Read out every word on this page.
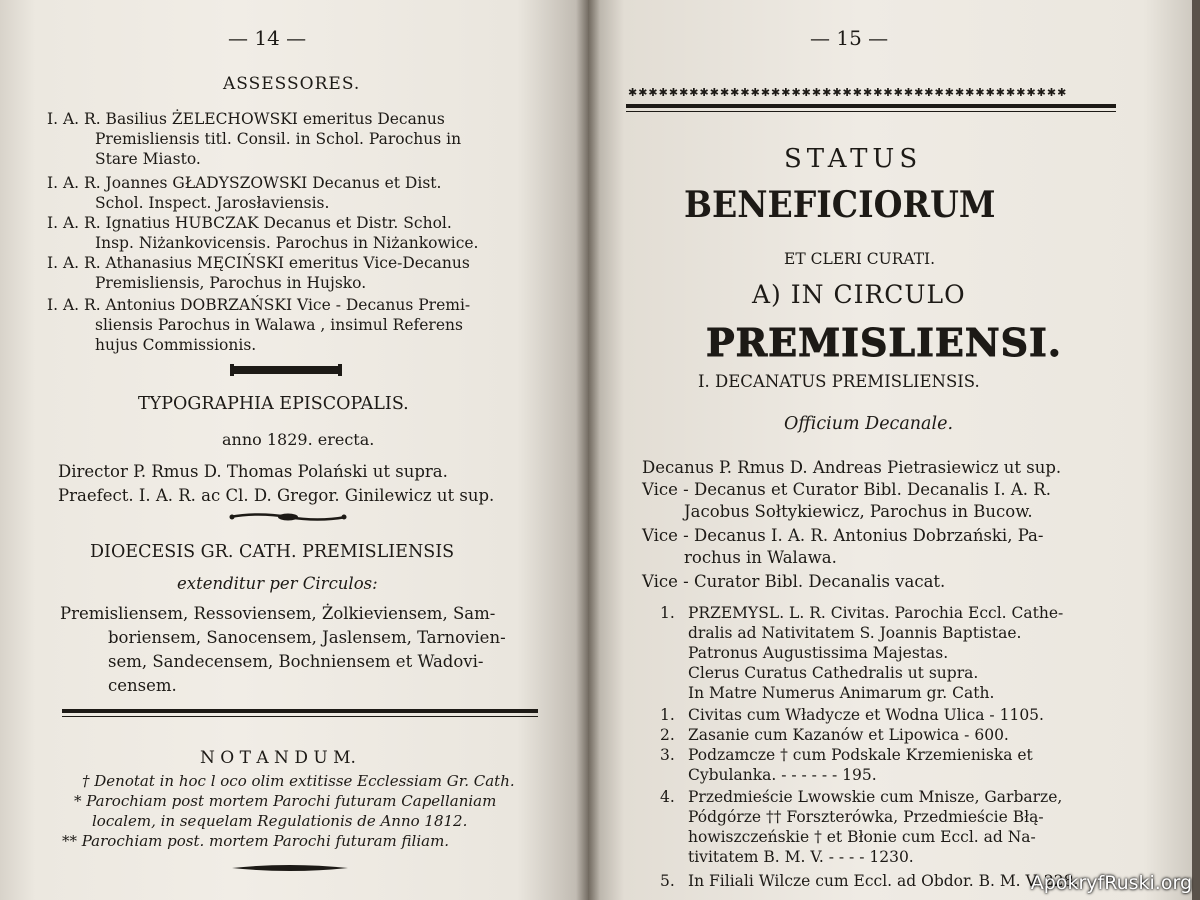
— 14 —
ASSESSORES.
I. A. R. Basilius ŻELECHOWSKI emeritus Decanus
Premisliensis titl. Consil. in Schol. Parochus in
Stare Miasto.
I. A. R. Joannes GŁADYSZOWSKI Decanus et Dist.
Schol. Inspect. Jarosłaviensis.
I. A. R. Ignatius HUBCZAK Decanus et Distr. Schol.
Insp. Niżankovicensis. Parochus in Niżankowice.
I. A. R. Athanasius MĘCIŃSKI emeritus Vice-Decanus
Premisliensis, Parochus in Hujsko.
I. A. R. Antonius DOBRZAŃSKI Vice - Decanus Premi-
sliensis Parochus in Walawa , insimul Referens
hujus Commissionis.
TYPOGRAPHIA EPISCOPALIS.
anno 1829. erecta.
Director P. Rmus D. Thomas Polański ut supra.
Praefect. I. A. R. ac Cl. D. Gregor. Ginilewicz ut sup.
DIOECESIS GR. CATH. PREMISLIENSIS
extenditur per Circulos:
Premisliensem, Ressoviensem, Żolkieviensem, Sam-
boriensem, Sanocensem, Jaslensem, Tarnovien-
sem, Sandecensem, Bochniensem et Wadovi-
censem.
N O T A N D U M.
† Denotat in hoc l oco olim extitisse Ecclessiam Gr. Cath.
* Parochiam post mortem Parochi futuram Capellaniam
localem, in sequelam Regulationis de Anno 1812.
** Parochiam post. mortem Parochi futuram filiam.
— 15 —
✱✱✱✱✱✱✱✱✱✱✱✱✱✱✱✱✱✱✱✱✱✱✱✱✱✱✱✱✱✱✱✱✱✱✱✱✱✱✱✱✱✱✱
STATUS
BENEFICIORUM
ET CLERI CURATI.
A) IN CIRCULO
PREMISLIENSI.
I. DECANATUS PREMISLIENSIS.
Officium Decanale.
Decanus P. Rmus D. Andreas Pietrasiewicz ut sup.
Vice - Decanus et Curator Bibl. Decanalis I. A. R.
Jacobus Sołtykiewicz, Parochus in Bucow.
Vice - Decanus I. A. R. Antonius Dobrzański, Pa-
rochus in Walawa.
Vice - Curator Bibl. Decanalis vacat.
1. PRZEMYSL. L. R. Civitas. Parochia Eccl. Cathe-
dralis ad Nativitatem S. Joannis Baptistae.
Patronus Augustissima Majestas.
Clerus Curatus Cathedralis ut supra.
In Matre Numerus Animarum gr. Cath.
1. Civitas cum Władycze et Wodna Ulica - 1105.
2. Zasanie cum Kazanów et Lipowica - 600.
3. Podzamcze † cum Podskale Krzemieniska et
Cybulanka. - - - - - - 195.
4. Przedmieście Lwowskie cum Mnisze, Garbarze,
Pódgórze †† Forszterówka, Przedmieście Błą-
howiszczeńskie † et Błonie cum Eccl. ad Na-
tivitatem B. M. V. - - - - 1230.
5. In Filiali Wilcze cum Eccl. ad Obdor. B. M. V. 228.
ApokryfRuski.org
